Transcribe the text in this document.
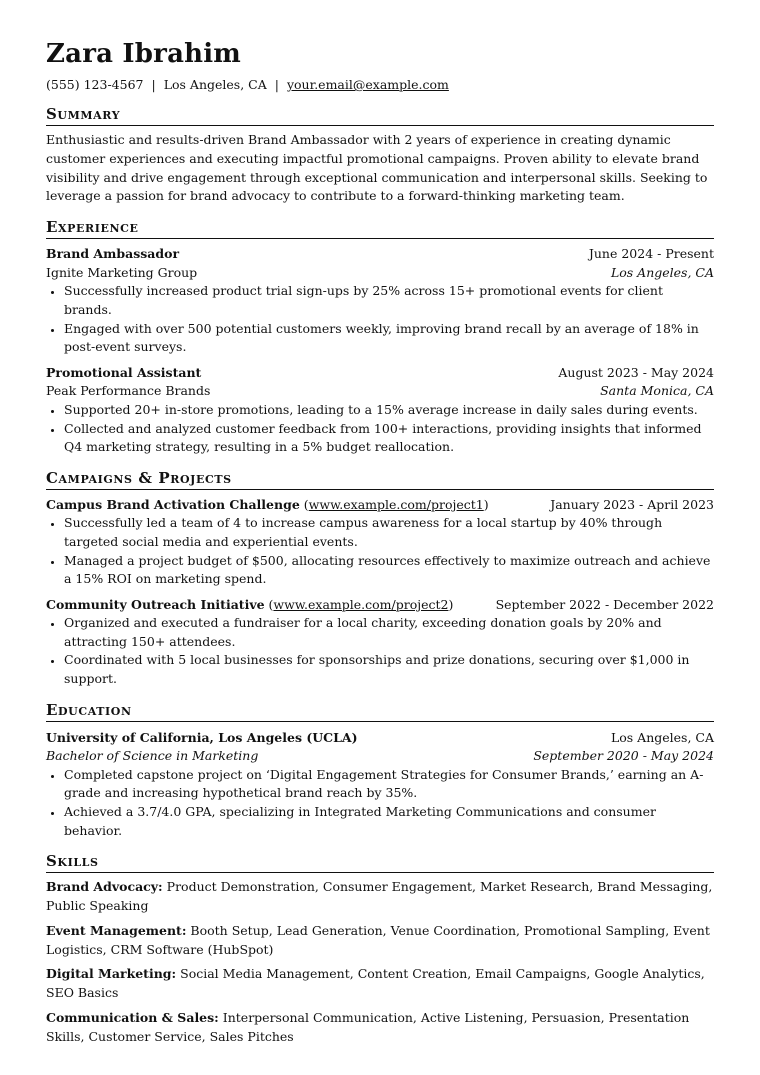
Zara Ibrahim
(555) 123-4567 | Los Angeles, CA | your.email@example.com
Summary
Enthusiastic and results-driven Brand Ambassador with 2 years of experience in creating dynamic customer experiences and executing impactful promotional campaigns. Proven ability to elevate brand visibility and drive engagement through exceptional communication and interpersonal skills. Seeking to leverage a passion for brand advocacy to contribute to a forward-thinking marketing team.
Experience
Brand Ambassador	June 2024 - Present
Ignite Marketing Group	Los Angeles, CA
• Successfully increased product trial sign-ups by 25% across 15+ promotional events for client brands.
• Engaged with over 500 potential customers weekly, improving brand recall by an average of 18% in post-event surveys.
Promotional Assistant	August 2023 - May 2024
Peak Performance Brands	Santa Monica, CA
• Supported 20+ in-store promotions, leading to a 15% average increase in daily sales during events.
• Collected and analyzed customer feedback from 100+ interactions, providing insights that informed Q4 marketing strategy, resulting in a 5% budget reallocation.
Campaigns & Projects
Campus Brand Activation Challenge (www.example.com/project1)	January 2023 - April 2023
• Successfully led a team of 4 to increase campus awareness for a local startup by 40% through targeted social media and experiential events.
• Managed a project budget of $500, allocating resources effectively to maximize outreach and achieve a 15% ROI on marketing spend.
Community Outreach Initiative (www.example.com/project2)	September 2022 - December 2022
• Organized and executed a fundraiser for a local charity, exceeding donation goals by 20% and attracting 150+ attendees.
• Coordinated with 5 local businesses for sponsorships and prize donations, securing over $1,000 in support.
Education
University of California, Los Angeles (UCLA)	Los Angeles, CA
Bachelor of Science in Marketing	September 2020 - May 2024
• Completed capstone project on ‘Digital Engagement Strategies for Consumer Brands,’ earning an A-grade and increasing hypothetical brand reach by 35%.
• Achieved a 3.7/4.0 GPA, specializing in Integrated Marketing Communications and consumer behavior.
Skills
Brand Advocacy: Product Demonstration, Consumer Engagement, Market Research, Brand Messaging, Public Speaking
Event Management: Booth Setup, Lead Generation, Venue Coordination, Promotional Sampling, Event Logistics, CRM Software (HubSpot)
Digital Marketing: Social Media Management, Content Creation, Email Campaigns, Google Analytics, SEO Basics
Communication & Sales: Interpersonal Communication, Active Listening, Persuasion, Presentation Skills, Customer Service, Sales Pitches
